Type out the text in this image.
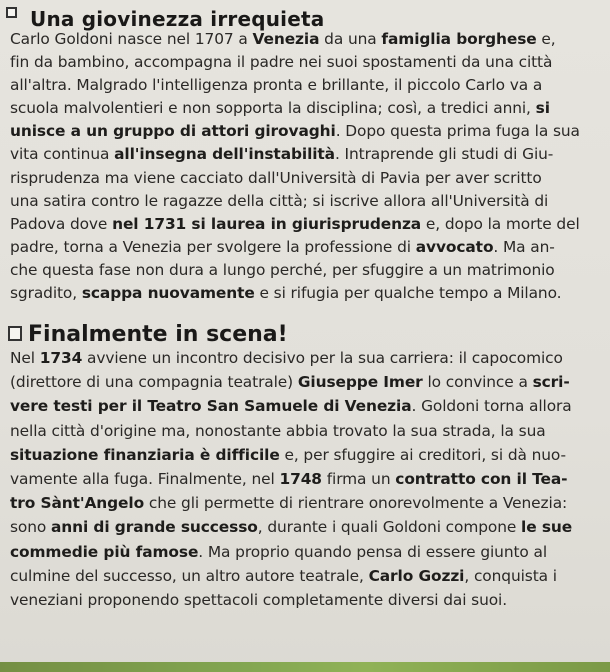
Una giovinezza irrequieta
Carlo Goldoni nasce nel 1707 a Venezia da una famiglia borghese e,
fin da bambino, accompagna il padre nei suoi spostamenti da una città
all'altra. Malgrado l'intelligenza pronta e brillante, il piccolo Carlo va a
scuola malvolentieri e non sopporta la disciplina; così, a tredici anni, si
unisce a un gruppo di attori girovaghi. Dopo questa prima fuga la sua
vita continua all'insegna dell'instabilità. Intraprende gli studi di Giu-
risprudenza ma viene cacciato dall'Università di Pavia per aver scritto
una satira contro le ragazze della città; si iscrive allora all'Università di
Padova dove nel 1731 si laurea in giurisprudenza e, dopo la morte del
padre, torna a Venezia per svolgere la professione di avvocato. Ma an-
che questa fase non dura a lungo perché, per sfuggire a un matrimonio
sgradito, scappa nuovamente e si rifugia per qualche tempo a Milano.
Finalmente in scena!
Nel 1734 avviene un incontro decisivo per la sua carriera: il capocomico
(direttore di una compagnia teatrale) Giuseppe Imer lo convince a scri-
vere testi per il Teatro San Samuele di Venezia. Goldoni torna allora
nella città d'origine ma, nonostante abbia trovato la sua strada, la sua
situazione finanziaria è difficile e, per sfuggire ai creditori, si dà nuo-
vamente alla fuga. Finalmente, nel 1748 firma un contratto con il Tea-
tro Sànt'Angelo che gli permette di rientrare onorevolmente a Venezia:
sono anni di grande successo, durante i quali Goldoni compone le sue
commedie più famose. Ma proprio quando pensa di essere giunto al
culmine del successo, un altro autore teatrale, Carlo Gozzi, conquista i
veneziani proponendo spettacoli completamente diversi dai suoi.
